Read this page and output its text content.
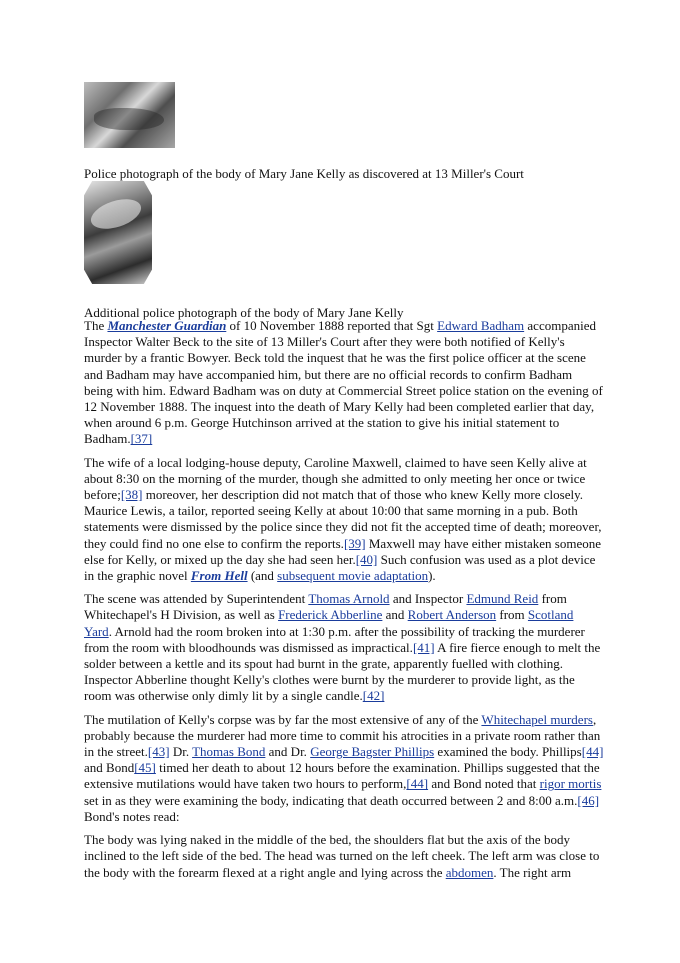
Police photograph of the body of Mary Jane Kelly as discovered at 13 Miller's Court
Additional police photograph of the body of Mary Jane Kelly

The Manchester Guardian of 10 November 1888 reported that Sgt Edward Badham accompanied Inspector Walter Beck to the site of 13 Miller's Court after they were both notified of Kelly's murder by a frantic Bowyer. Beck told the inquest that he was the first police officer at the scene and Badham may have accompanied him, but there are no official records to confirm Badham being with him. Edward Badham was on duty at Commercial Street police station on the evening of 12 November 1888. The inquest into the death of Mary Kelly had been completed earlier that day, when around 6 p.m. George Hutchinson arrived at the station to give his initial statement to Badham.[37]

The wife of a local lodging-house deputy, Caroline Maxwell, claimed to have seen Kelly alive at about 8:30 on the morning of the murder, though she admitted to only meeting her once or twice before;[38] moreover, her description did not match that of those who knew Kelly more closely. Maurice Lewis, a tailor, reported seeing Kelly at about 10:00 that same morning in a pub. Both statements were dismissed by the police since they did not fit the accepted time of death; moreover, they could find no one else to confirm the reports.[39] Maxwell may have either mistaken someone else for Kelly, or mixed up the day she had seen her.[40] Such confusion was used as a plot device in the graphic novel From Hell (and subsequent movie adaptation).

The scene was attended by Superintendent Thomas Arnold and Inspector Edmund Reid from Whitechapel's H Division, as well as Frederick Abberline and Robert Anderson from Scotland Yard. Arnold had the room broken into at 1:30 p.m. after the possibility of tracking the murderer from the room with bloodhounds was dismissed as impractical.[41] A fire fierce enough to melt the solder between a kettle and its spout had burnt in the grate, apparently fuelled with clothing. Inspector Abberline thought Kelly's clothes were burnt by the murderer to provide light, as the room was otherwise only dimly lit by a single candle.[42]

The mutilation of Kelly's corpse was by far the most extensive of any of the Whitechapel murders, probably because the murderer had more time to commit his atrocities in a private room rather than in the street.[43] Dr. Thomas Bond and Dr. George Bagster Phillips examined the body. Phillips[44] and Bond[45] timed her death to about 12 hours before the examination. Phillips suggested that the extensive mutilations would have taken two hours to perform,[44] and Bond noted that rigor mortis set in as they were examining the body, indicating that death occurred between 2 and 8:00 a.m.[46] Bond's notes read:

The body was lying naked in the middle of the bed, the shoulders flat but the axis of the body inclined to the left side of the bed. The head was turned on the left cheek. The left arm was close to the body with the forearm flexed at a right angle and lying across the abdomen. The right arm
